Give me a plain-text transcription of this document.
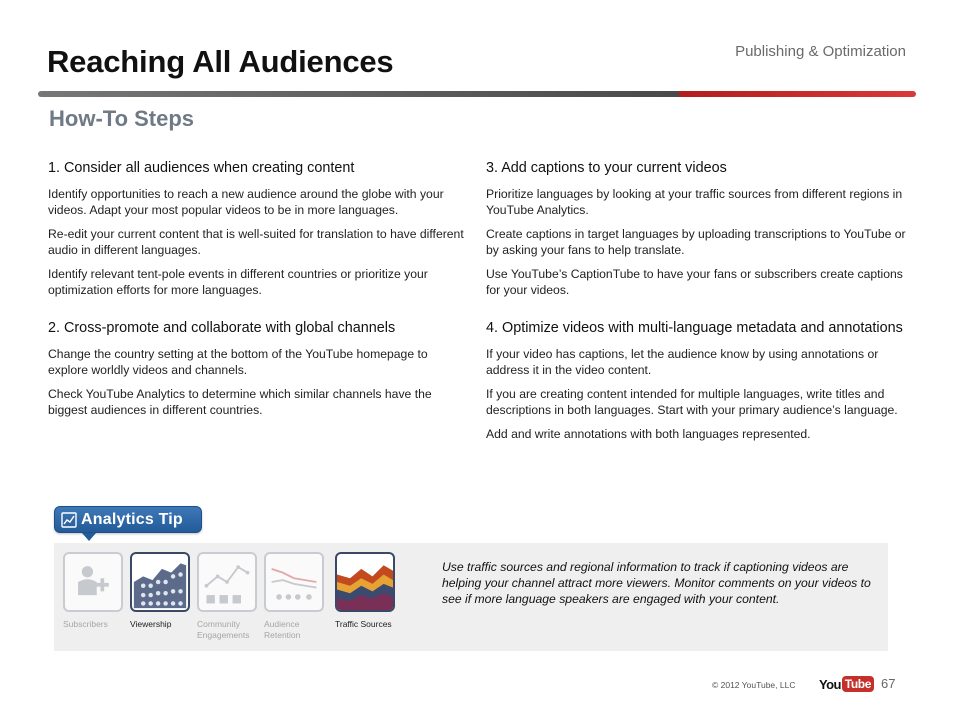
Publishing & Optimization
Reaching All Audiences
How-To Steps
1. Consider all audiences when creating content

Identify opportunities to reach a new audience around the globe with your videos. Adapt your most popular videos to be in more languages.

Re-edit your current content that is well-suited for translation to have different audio in different languages.

Identify relevant tent-pole events in different countries or prioritize your optimization efforts for more languages.

2. Cross-promote and collaborate with global channels

Change the country setting at the bottom of the YouTube homepage to explore worldly videos and channels.

Check YouTube Analytics to determine which similar channels have the biggest audiences in different countries.

3. Add captions to your current videos

Prioritize languages by looking at your traffic sources from different regions in YouTube Analytics.

Create captions in target languages by uploading transcriptions to YouTube or by asking your fans to help translate.

Use YouTube’s CaptionTube to have your fans or subscribers create captions for your videos.

4. Optimize videos with multi-language metadata and annotations

If your video has captions, let the audience know by using annotations or address it in the video content.

If you are creating content intended for multiple languages, write titles and descriptions in both languages. Start with your primary audience’s language.

Add and write annotations with both languages represented.

Analytics Tip
Subscribers	Viewership	Community Engagements
Audience Retention
Traffic Sources

Use traffic sources and regional information to track if captioning videos are helping your channel attract more viewers. Monitor comments on your videos to see if more language speakers are engaged with your content.

© 2012 YouTube, LLC You Tube 67
